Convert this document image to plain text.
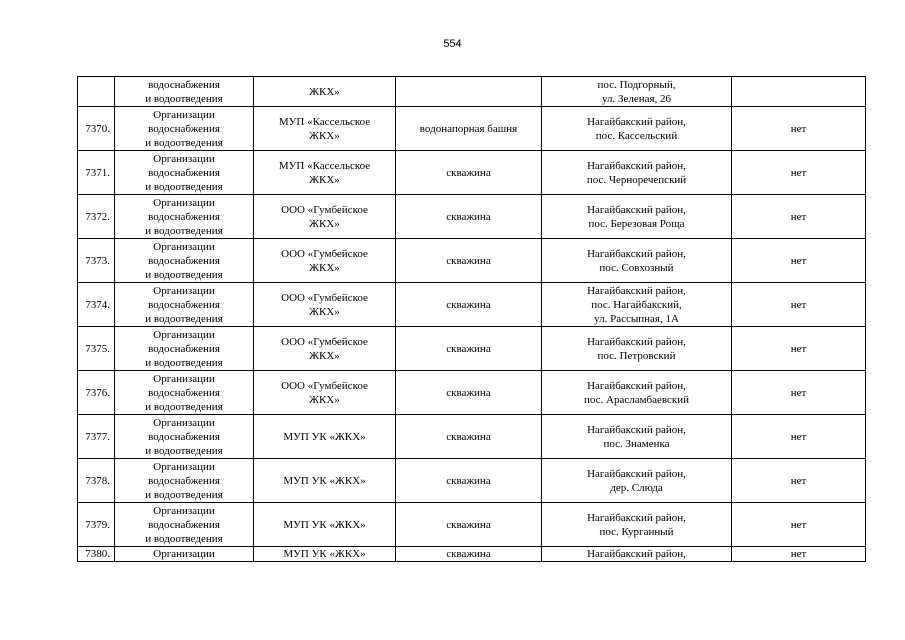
554
	водоснабжения
и водоотведения	ЖКХ»		пос. Подгорный,
ул. Зеленая, 26	
7370.	Организации
водоснабжения
и водоотведения	МУП «Кассельское
ЖКХ»	водонапорная башня	Нагайбакский район,
пос. Кассельский	нет
7371.	Организации
водоснабжения
и водоотведения	МУП «Кассельское
ЖКХ»	скважина	Нагайбакский район,
пос. Черноречепский	нет
7372.	Организации
водоснабжения
и водоотведения	ООО «Гумбейское
ЖКХ»	скважина	Нагайбакский район,
пос. Березовая Роща	нет
7373.	Организации
водоснабжения
и водоотведения	ООО «Гумбейское
ЖКХ»	скважина	Нагайбакский район,
пос. Совхозный	нет
7374.	Организации
водоснабжения
и водоотведения	ООО «Гумбейское
ЖКХ»	скважина	Нагайбакский район,
пос. Нагайбакский,
ул. Рассыпная, 1А	нет
7375.	Организации
водоснабжения
и водоотведения	ООО «Гумбейское
ЖКХ»	скважина	Нагайбакский район,
пос. Петровский	нет
7376.	Организации
водоснабжения
и водоотведения	ООО «Гумбейское
ЖКХ»	скважина	Нагайбакский район,
пос. Арасламбаевский	нет
7377.	Организации
водоснабжения
и водоотведения	МУП УК «ЖКХ»	скважина	Нагайбакский район,
пос. Знаменка	нет
7378.	Организации
водоснабжения
и водоотведения	МУП УК «ЖКХ»	скважина	Нагайбакский район,
дер. Слюда	нет
7379.	Организации
водоснабжения
и водоотведения	МУП УК «ЖКХ»	скважина	Нагайбакский район,
пос. Курганный	нет
7380.	Организации	МУП УК «ЖКХ»	скважина	Нагайбакский район,	нет
